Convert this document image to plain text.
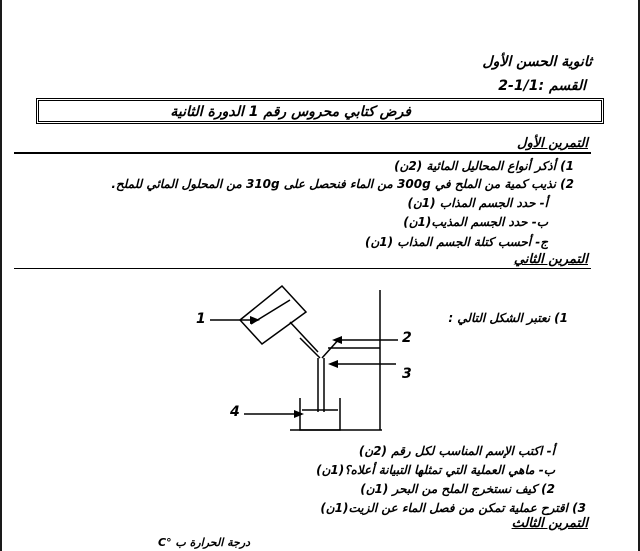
ثانوية الحسن الأول
القسم :1/1-2
فرض كتابي محروس رقم 1 الدورة الثانية
التمرين الأول
1) أذكر أنواع المحاليل المائية (2ن)
2) نذيب كمية من الملح في 300g من الماء فنحصل على 310g من المحلول المائي للملح.
أ- حدد الجسم المذاب (1ن)
ب- حدد الجسم المذيب(1ن)
ج- أحسب كتلة الجسم المذاب (1ن)
التمرين الثاني
1) نعتبر الشكل التالي :
1
2
3
4
أ- اكتب الإسم المناسب لكل رقم (2ن)
ب- ماهي العملية التي تمثلها التبيانة أعلاه؟(1ن)
2) كيف نستخرج الملح من البحر (1ن)
3) اقترح عملية تمكن من فصل الماء عن الزيت(1ن)
التمرين الثالث
درجة الحرارة ب °C
